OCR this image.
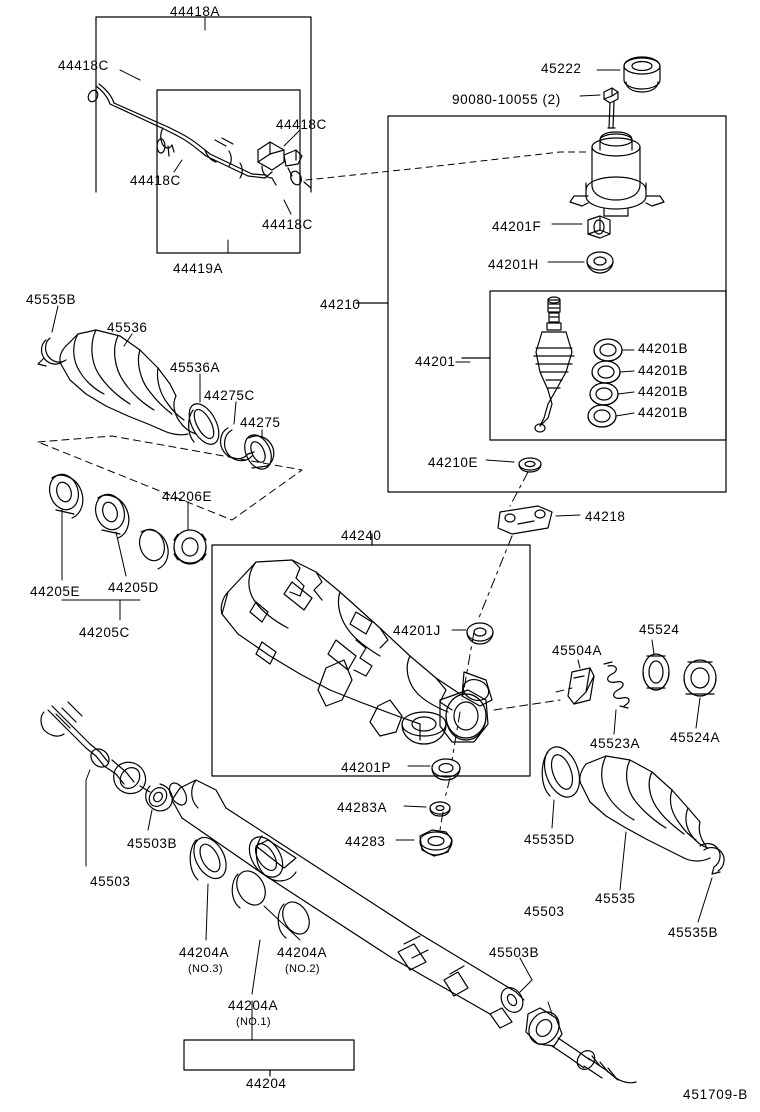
44418A
44418C
44418C
44418C
44418C
44419A
45222
90080-10055 (2)
44201F
44201H
44210
44201
44201B
44201B
44201B
44201B
44210E
44218
45535B
45536
45536A
44275C
44275
44206E
44205E 44205D
44205C
44240
44201J
44201P
44283A
44283
45504A
45524
45523A 45524A
45535D
45535
45535B
45503B
45503
44204A
(NO.3)
44204A
(NO.2)
44204A
(NO.1)
44204
45503
45503B
451709-B
